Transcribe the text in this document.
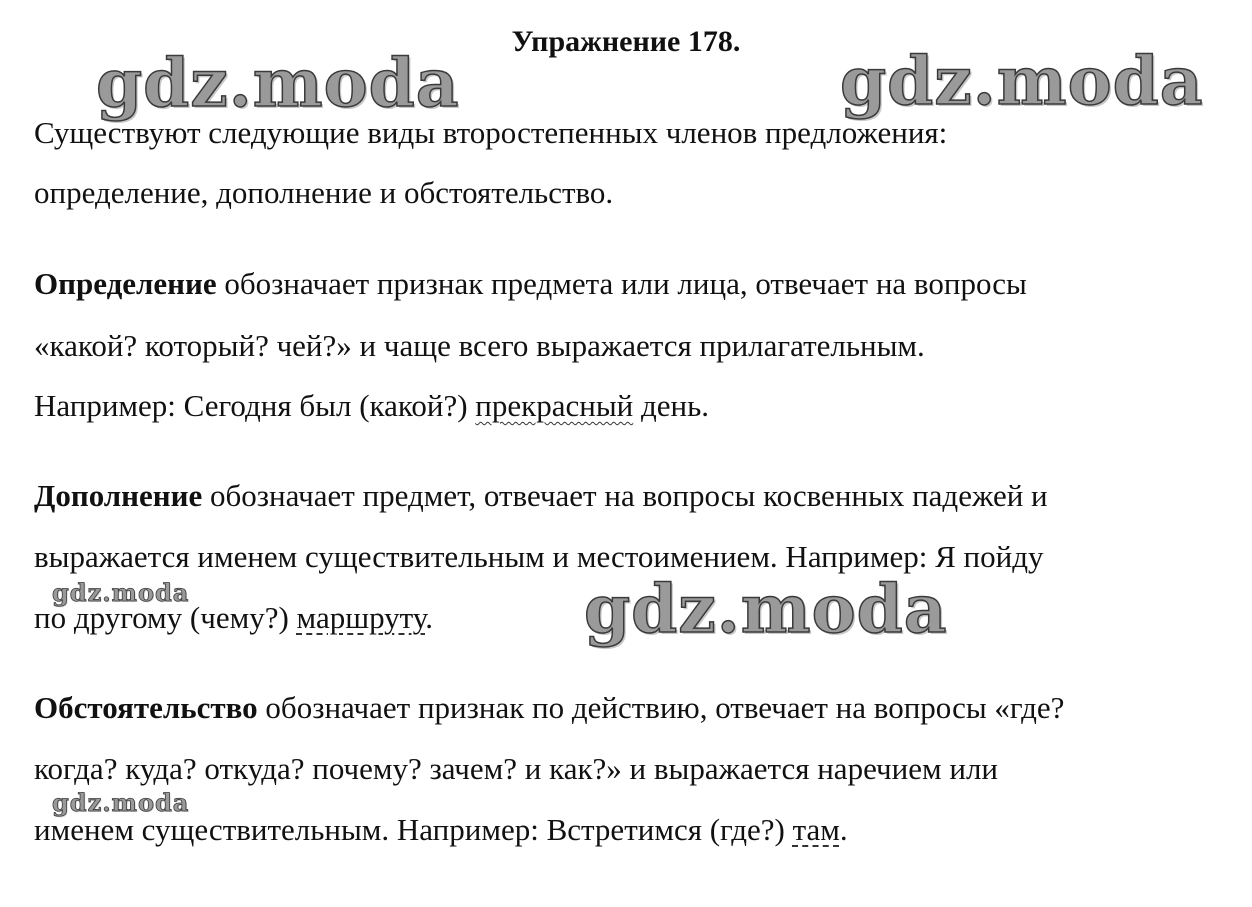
Упражнение 178.
Существуют следующие виды второстепенных членов предложения:
определение, дополнение и обстоятельство.
Определение обозначает признак предмета или лица, отвечает на вопросы
«какой? который? чей?» и чаще всего выражается прилагательным.
Например: Сегодня был (какой?) прекрасный день.
Дополнение обозначает предмет, отвечает на вопросы косвенных падежей и
выражается именем существительным и местоимением. Например: Я пойду
по другому (чему?) маршруту.
Обстоятельство обозначает признак по действию, отвечает на вопросы «где?
когда? куда? откуда? почему? зачем? и как?» и выражается наречием или
именем существительным. Например: Встретимся (где?) там.
gdz.moda	gdz.moda
gdz.moda
gdz.moda
gdz.moda
